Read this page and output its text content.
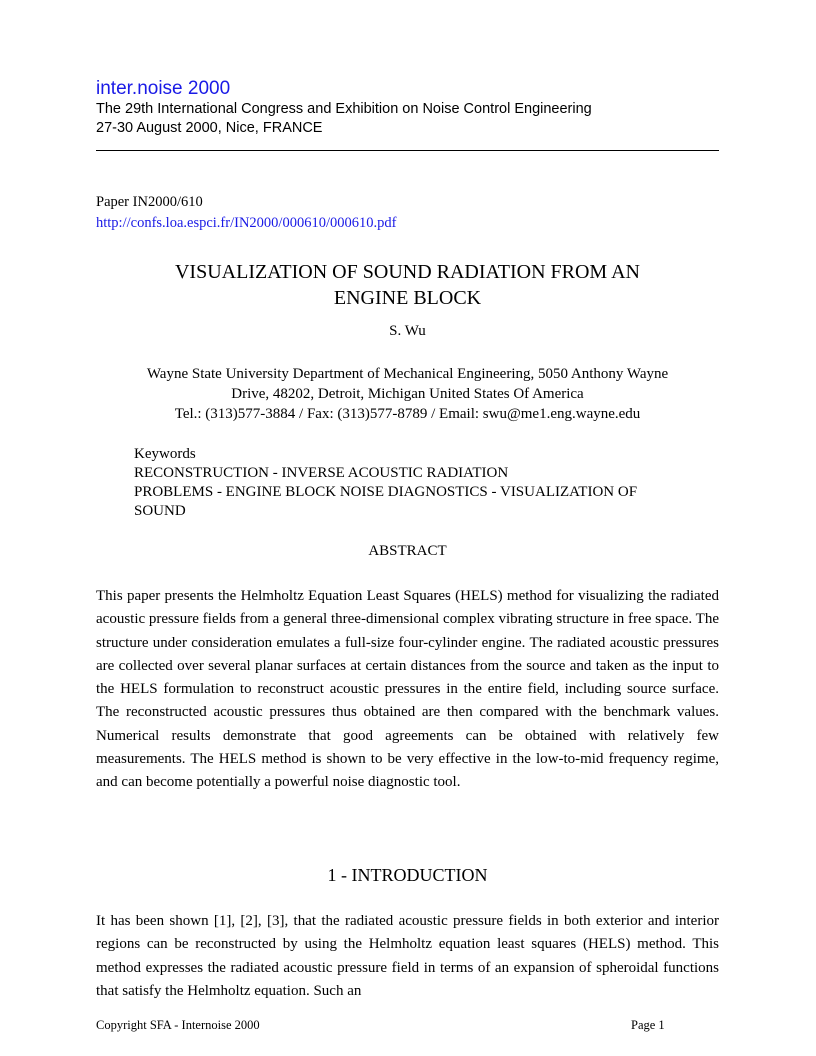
inter.noise 2000
The 29th International Congress and Exhibition on Noise Control Engineering
27-30 August 2000, Nice, FRANCE
Paper IN2000/610
http://confs.loa.espci.fr/IN2000/000610/000610.pdf
VISUALIZATION OF SOUND RADIATION FROM AN
ENGINE BLOCK
S. Wu
Wayne State University Department of Mechanical Engineering, 5050 Anthony Wayne
Drive, 48202, Detroit, Michigan United States Of America
Tel.: (313)577-3884 / Fax: (313)577-8789 / Email: swu@me1.eng.wayne.edu
Keywords
RECONSTRUCTION - INVERSE ACOUSTIC RADIATION
PROBLEMS - ENGINE BLOCK NOISE DIAGNOSTICS - VISUALIZATION OF
SOUND
ABSTRACT
This paper presents the Helmholtz Equation Least Squares (HELS) method for visualizing the radiated acoustic pressure fields from a general three-dimensional complex vibrating structure in free space. The structure under consideration emulates a full-size four-cylinder engine. The radiated acoustic pressures are collected over several planar surfaces at certain distances from the source and taken as the input to the HELS formulation to reconstruct acoustic pressures in the entire field, including source surface. The reconstructed acoustic pressures thus obtained are then compared with the benchmark values. Numerical results demonstrate that good agreements can be obtained with relatively few measurements. The HELS method is shown to be very effective in the low-to-mid frequency regime, and can become potentially a powerful noise diagnostic tool.
1 - INTRODUCTION
It has been shown [1], [2], [3], that the radiated acoustic pressure fields in both exterior and interior regions can be reconstructed by using the Helmholtz equation least squares (HELS) method. This method expresses the radiated acoustic pressure field in terms of an expansion of spheroidal functions that satisfy the Helmholtz equation. Such an
Copyright SFA - Internoise 2000	Page 1
